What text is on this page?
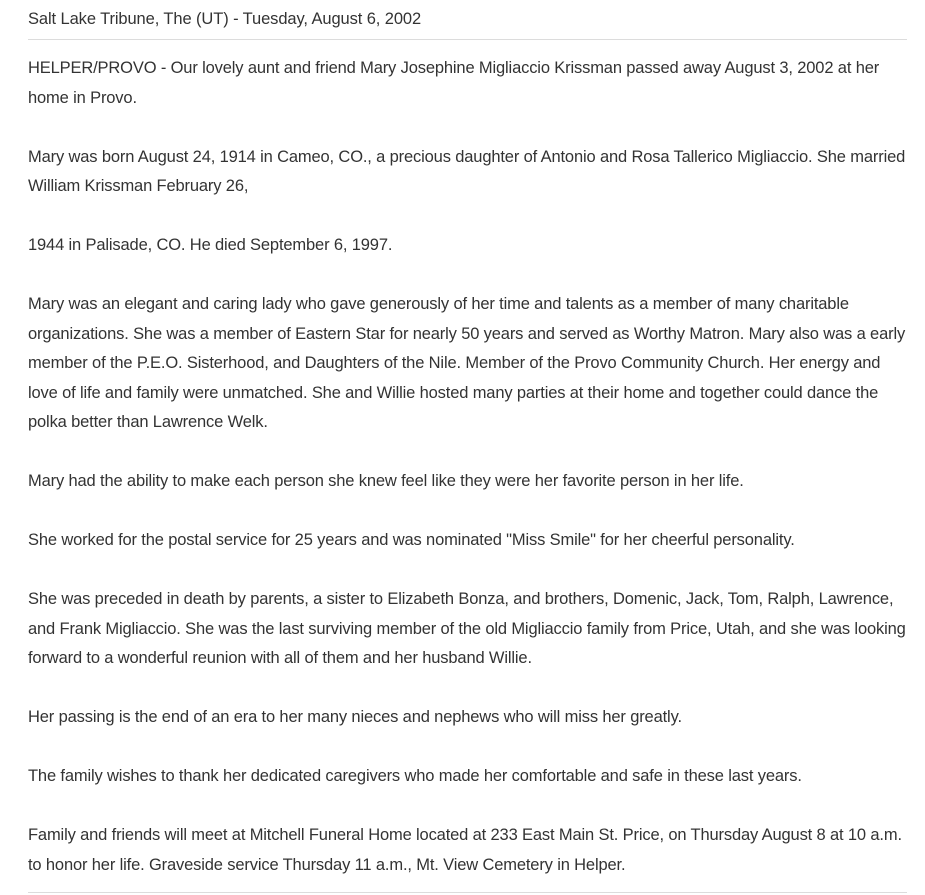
Salt Lake Tribune, The (UT) - Tuesday, August 6, 2002

HELPER/PROVO - Our lovely aunt and friend Mary Josephine Migliaccio Krissman passed away August 3, 2002 at her home in Provo.

Mary was born August 24, 1914 in Cameo, CO., a precious daughter of Antonio and Rosa Tallerico Migliaccio. She married William Krissman February 26,

1944 in Palisade, CO. He died September 6, 1997.

Mary was an elegant and caring lady who gave generously of her time and talents as a member of many charitable organizations. She was a member of Eastern Star for nearly 50 years and served as Worthy Matron. Mary also was a early member of the P.E.O. Sisterhood, and Daughters of the Nile. Member of the Provo Community Church. Her energy and love of life and family were unmatched. She and Willie hosted many parties at their home and together could dance the polka better than Lawrence Welk.

Mary had the ability to make each person she knew feel like they were her favorite person in her life.

She worked for the postal service for 25 years and was nominated "Miss Smile" for her cheerful personality.

She was preceded in death by parents, a sister to Elizabeth Bonza, and brothers, Domenic, Jack, Tom, Ralph, Lawrence, and Frank Migliaccio. She was the last surviving member of the old Migliaccio family from Price, Utah, and she was looking forward to a wonderful reunion with all of them and her husband Willie.

Her passing is the end of an era to her many nieces and nephews who will miss her greatly.

The family wishes to thank her dedicated caregivers who made her comfortable and safe in these last years.

Family and friends will meet at Mitchell Funeral Home located at 233 East Main St. Price, on Thursday August 8 at 10 a.m. to honor her life. Graveside service Thursday 11 a.m., Mt. View Cemetery in Helper.
